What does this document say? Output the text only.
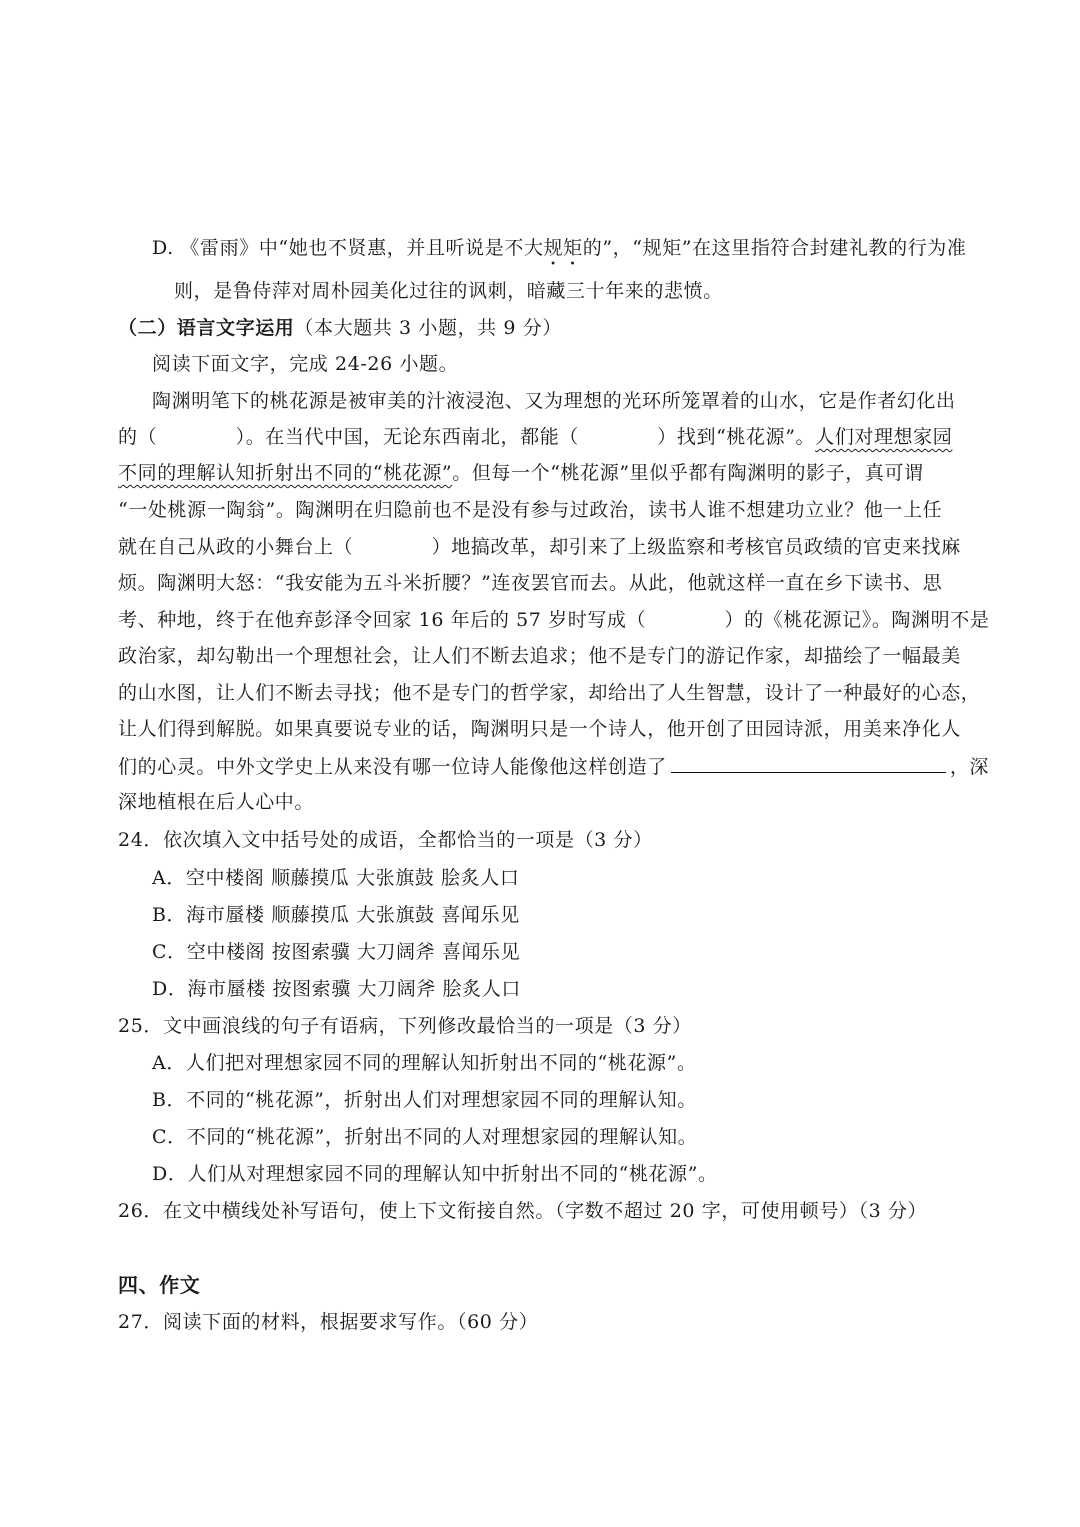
D. 《雷雨》中“她也不贤惠，并且听说是不大规矩的”，“规矩”在这里指符合封建礼教的行为准
则，是鲁侍萍对周朴园美化过往的讽刺，暗藏三十年来的悲愤。
（二）语言文字运用（本大题共 3 小题，共 9 分）
阅读下面文字，完成 24-26 小题。
陶渊明笔下的桃花源是被审美的汁液浸泡、又为理想的光环所笼罩着的山水，它是作者幻化出
的（　　　　）。在当代中国，无论东西南北，都能（　　　　）找到“桃花源”。人们对理想家园
不同的理解认知折射出不同的“桃花源”。但每一个“桃花源”里似乎都有陶渊明的影子，真可谓
“一处桃源一陶翁”。陶渊明在归隐前也不是没有参与过政治，读书人谁不想建功立业？他一上任
就在自己从政的小舞台上（　　　　）地搞改革，却引来了上级监察和考核官员政绩的官吏来找麻
烦。陶渊明大怒：“我安能为五斗米折腰？”连夜罢官而去。从此，他就这样一直在乡下读书、思
考、种地，终于在他弃彭泽令回家 16 年后的 57 岁时写成（　　　　）的《桃花源记》。陶渊明不是
政治家，却勾勒出一个理想社会，让人们不断去追求；他不是专门的游记作家，却描绘了一幅最美
的山水图，让人们不断去寻找；他不是专门的哲学家，却给出了人生智慧，设计了一种最好的心态，
让人们得到解脱。如果真要说专业的话，陶渊明只是一个诗人，他开创了田园诗派，用美来净化人
们的心灵。中外文学史上从来没有哪一位诗人能像他这样创造了	，深
深地植根在后人心中。
24．依次填入文中括号处的成语，全都恰当的一项是（3 分）
A．空中楼阁 顺藤摸瓜 大张旗鼓 脍炙人口
B．海市蜃楼 顺藤摸瓜 大张旗鼓 喜闻乐见
C．空中楼阁 按图索骥 大刀阔斧 喜闻乐见
D．海市蜃楼 按图索骥 大刀阔斧 脍炙人口
25．文中画浪线的句子有语病，下列修改最恰当的一项是（3 分）
A．人们把对理想家园不同的理解认知折射出不同的“桃花源”。
B．不同的“桃花源”，折射出人们对理想家园不同的理解认知。
C．不同的“桃花源”，折射出不同的人对理想家园的理解认知。
D．人们从对理想家园不同的理解认知中折射出不同的“桃花源”。
26．在文中横线处补写语句，使上下文衔接自然。（字数不超过 20 字，可使用顿号）（3 分）
四、作文
27．阅读下面的材料，根据要求写作。（60 分）
